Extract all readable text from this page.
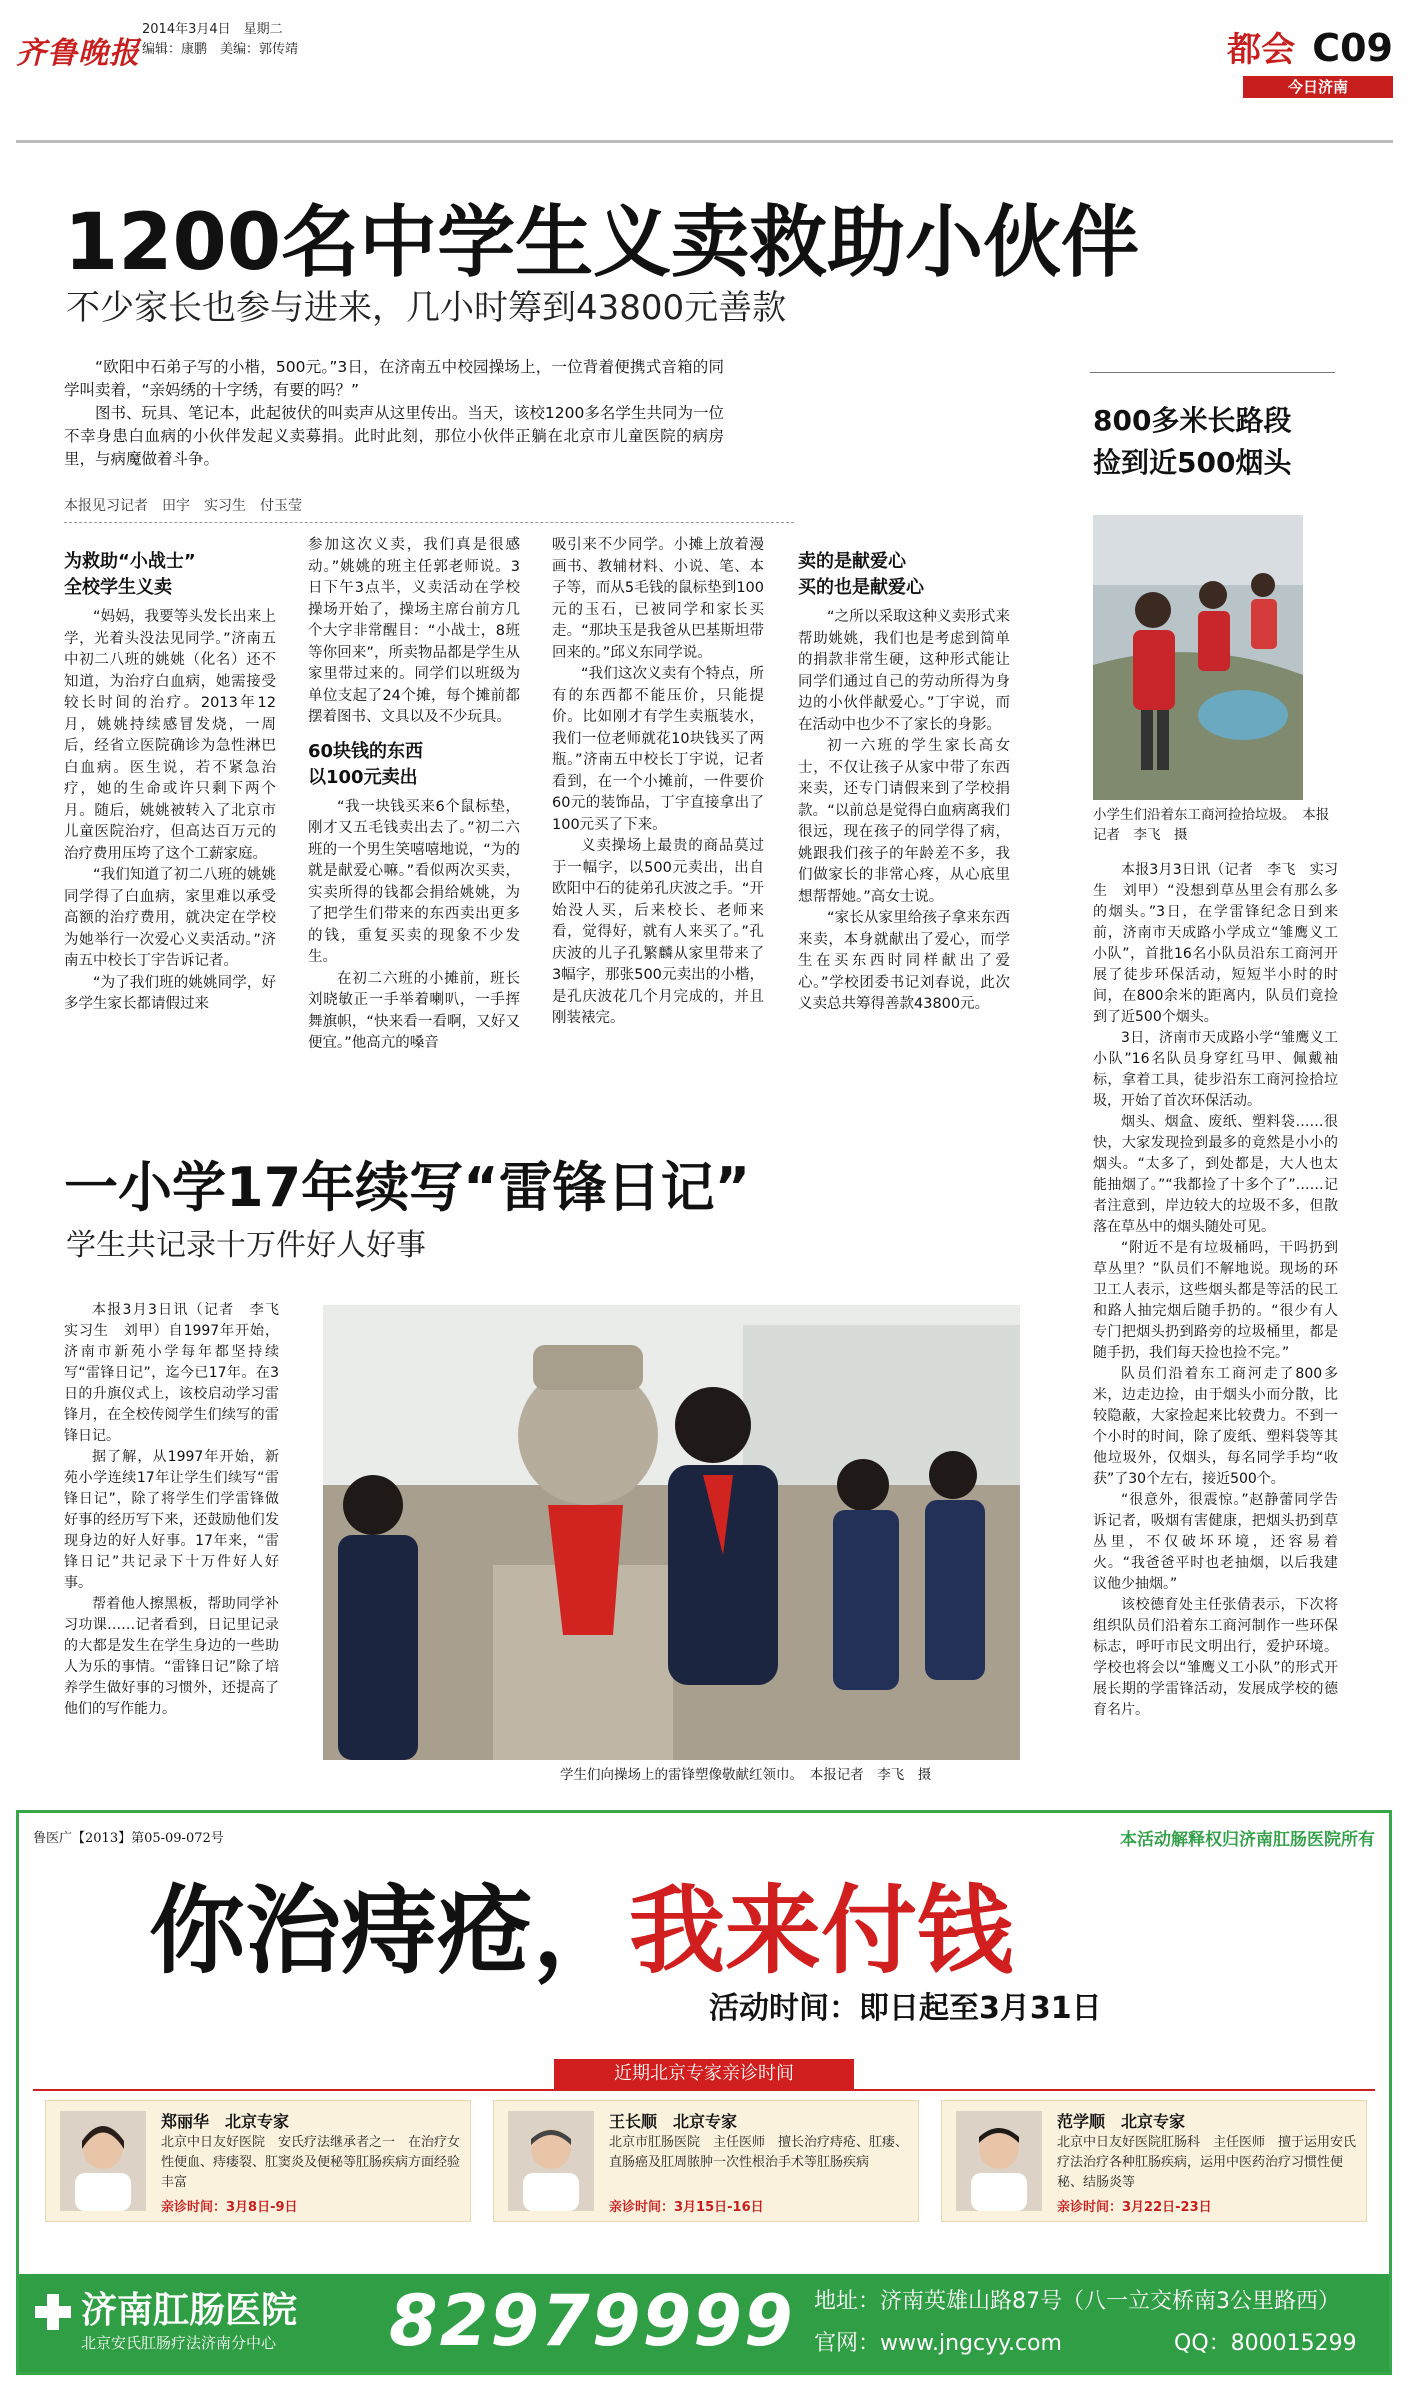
齐鲁晚报
2014年3月4日　星期二
编辑：康鹏　美编：郭传靖	都会 C09
今日济南
1200名中学生义卖救助小伙伴
不少家长也参与进来，几小时筹到43800元善款

“欧阳中石弟子写的小楷，500元。”3日，在济南五中校园操场上，一位背着便携式音箱的同学叫卖着，“亲妈绣的十字绣，有要的吗？”

图书、玩具、笔记本，此起彼伏的叫卖声从这里传出。当天，该校1200多名学生共同为一位不幸身患白血病的小伙伴发起义卖募捐。此时此刻，那位小伙伴正躺在北京市儿童医院的病房里，与病魔做着斗争。

本报见习记者　田宇　实习生　付玉莹
为救助“小战士”
全校学生义卖

“妈妈，我要等头发长出来上学，光着头没法见同学。”济南五中初二八班的姚姚（化名）还不知道，为治疗白血病，她需接受较长时间的治疗。2013年12月，姚姚持续感冒发烧，一周后，经省立医院确诊为急性淋巴白血病。医生说，若不紧急治疗，她的生命或许只剩下两个月。随后，姚姚被转入了北京市儿童医院治疗，但高达百万元的治疗费用压垮了这个工薪家庭。

“我们知道了初二八班的姚姚同学得了白血病，家里难以承受高额的治疗费用，就决定在学校为她举行一次爱心义卖活动。”济南五中校长丁宇告诉记者。

“为了我们班的姚姚同学，好多学生家长都请假过来

参加这次义卖，我们真是很感动。”姚姚的班主任郭老师说。3日下午3点半，义卖活动在学校操场开始了，操场主席台前方几个大字非常醒目：“小战士，8班等你回来”，所卖物品都是学生从家里带过来的。同学们以班级为单位支起了24个摊，每个摊前都摆着图书、文具以及不少玩具。

60块钱的东西
以100元卖出

“我一块钱买来6个鼠标垫，刚才又五毛钱卖出去了。”初二六班的一个男生笑嘻嘻地说，“为的就是献爱心嘛。”看似两次买卖，实卖所得的钱都会捐给姚姚，为了把学生们带来的东西卖出更多的钱，重复买卖的现象不少发生。

在初二六班的小摊前，班长刘晓敏正一手举着喇叭，一手挥舞旗帜，“快来看一看啊，又好又便宜。”他高亢的嗓音

吸引来不少同学。小摊上放着漫画书、教辅材料、小说、笔、本子等，而从5毛钱的鼠标垫到100元的玉石，已被同学和家长买走。“那块玉是我爸从巴基斯坦带回来的。”邱义东同学说。

“我们这次义卖有个特点，所有的东西都不能压价，只能提价。比如刚才有学生卖瓶装水，我们一位老师就花10块钱买了两瓶。”济南五中校长丁宇说，记者看到，在一个小摊前，一件要价60元的装饰品，丁宇直接拿出了100元买了下来。

义卖操场上最贵的商品莫过于一幅字，以500元卖出，出自欧阳中石的徒弟孔庆波之手。“开始没人买，后来校长、老师来看，觉得好，就有人来买了。”孔庆波的儿子孔繁麟从家里带来了3幅字，那张500元卖出的小楷，是孔庆波花几个月完成的，并且刚装裱完。

卖的是献爱心
买的也是献爱心

“之所以采取这种义卖形式来帮助姚姚，我们也是考虑到简单的捐款非常生硬，这种形式能让同学们通过自己的劳动所得为身边的小伙伴献爱心。”丁宇说，而在活动中也少不了家长的身影。

初一六班的学生家长高女士，不仅让孩子从家中带了东西来卖，还专门请假来到了学校捐款。“以前总是觉得白血病离我们很远，现在孩子的同学得了病，姚跟我们孩子的年龄差不多，我们做家长的非常心疼，从心底里想帮帮她。”高女士说。

“家长从家里给孩子拿来东西来卖，本身就献出了爱心，而学生在买东西时同样献出了爱心。”学校团委书记刘春说，此次义卖总共筹得善款43800元。

800多米长路段
捡到近500烟头
小学生们沿着东工商河捡拾垃圾。　本报记者　李飞　摄

本报3月3日讯（记者　李飞　实习生　刘甲）“没想到草丛里会有那么多的烟头。”3日，在学雷锋纪念日到来前，济南市天成路小学成立“雏鹰义工小队”，首批16名小队员沿东工商河开展了徒步环保活动，短短半小时的时间，在800余米的距离内，队员们竟捡到了近500个烟头。

3日，济南市天成路小学“雏鹰义工小队”16名队员身穿红马甲、佩戴袖标，拿着工具，徒步沿东工商河捡拾垃圾，开始了首次环保活动。

烟头、烟盒、废纸、塑料袋……很快，大家发现捡到最多的竟然是小小的烟头。“太多了，到处都是，大人也太能抽烟了。”“我都捡了十多个了”……记者注意到，岸边较大的垃圾不多，但散落在草丛中的烟头随处可见。

“附近不是有垃圾桶吗，干吗扔到草丛里？”队员们不解地说。现场的环卫工人表示，这些烟头都是等活的民工和路人抽完烟后随手扔的。“很少有人专门把烟头扔到路旁的垃圾桶里，都是随手扔，我们每天捡也捡不完。”

队员们沿着东工商河走了800多米，边走边捡，由于烟头小而分散，比较隐蔽，大家捡起来比较费力。不到一个小时的时间，除了废纸、塑料袋等其他垃圾外，仅烟头，每名同学手均“收获”了30个左右，接近500个。

“很意外，很震惊。”赵静蕾同学告诉记者，吸烟有害健康，把烟头扔到草丛里，不仅破坏环境，还容易着火。“我爸爸平时也老抽烟，以后我建议他少抽烟。”

该校德育处主任张倩表示，下次将组织队员们沿着东工商河制作一些环保标志，呼吁市民文明出行，爱护环境。学校也将会以“雏鹰义工小队”的形式开展长期的学雷锋活动，发展成学校的德育名片。

一小学17年续写“雷锋日记”
学生共记录十万件好人好事

本报3月3日讯（记者　李飞　实习生　刘甲）自1997年开始，济南市新苑小学每年都坚持续写“雷锋日记”，迄今已17年。在3日的升旗仪式上，该校启动学习雷锋月，在全校传阅学生们续写的雷锋日记。

据了解，从1997年开始，新苑小学连续17年让学生们续写“雷锋日记”，除了将学生们学雷锋做好事的经历写下来，还鼓励他们发现身边的好人好事。17年来，“雷锋日记”共记录下十万件好人好事。

帮着他人擦黑板，帮助同学补习功课……记者看到，日记里记录的大都是发生在学生身边的一些助人为乐的事情。“雷锋日记”除了培养学生做好事的习惯外，还提高了他们的写作能力。

学生们向操场上的雷锋塑像敬献红领巾。　本报记者　李飞　摄
鲁医广【2013】第05-09-072号	本活动解释权归济南肛肠医院所有
你治痔疮，我来付钱
活动时间：即日起至3月31日
近期北京专家亲诊时间
郑丽华　北京专家
北京中日友好医院　安氏疗法继承者之一　在治疗女性便血、痔瘘裂、肛窦炎及便秘等肛肠疾病方面经验丰富
亲诊时间：3月8日-9日
王长顺　北京专家
北京市肛肠医院　主任医师　擅长治疗痔疮、肛瘘、直肠癌及肛周脓肿一次性根治手术等肛肠疾病
亲诊时间：3月15日-16日
范学顺　北京专家
北京中日友好医院肛肠科　主任医师　擅于运用安氏疗法治疗各种肛肠疾病，运用中医药治疗习惯性便秘、结肠炎等
亲诊时间：3月22日-23日
济南肛肠医院
北京安氏肛肠疗法济南分中心 82979999 地址：济南英雄山路87号（八一立交桥南3公里路西）
官网：www.jngcyy.com	QQ：800015299
